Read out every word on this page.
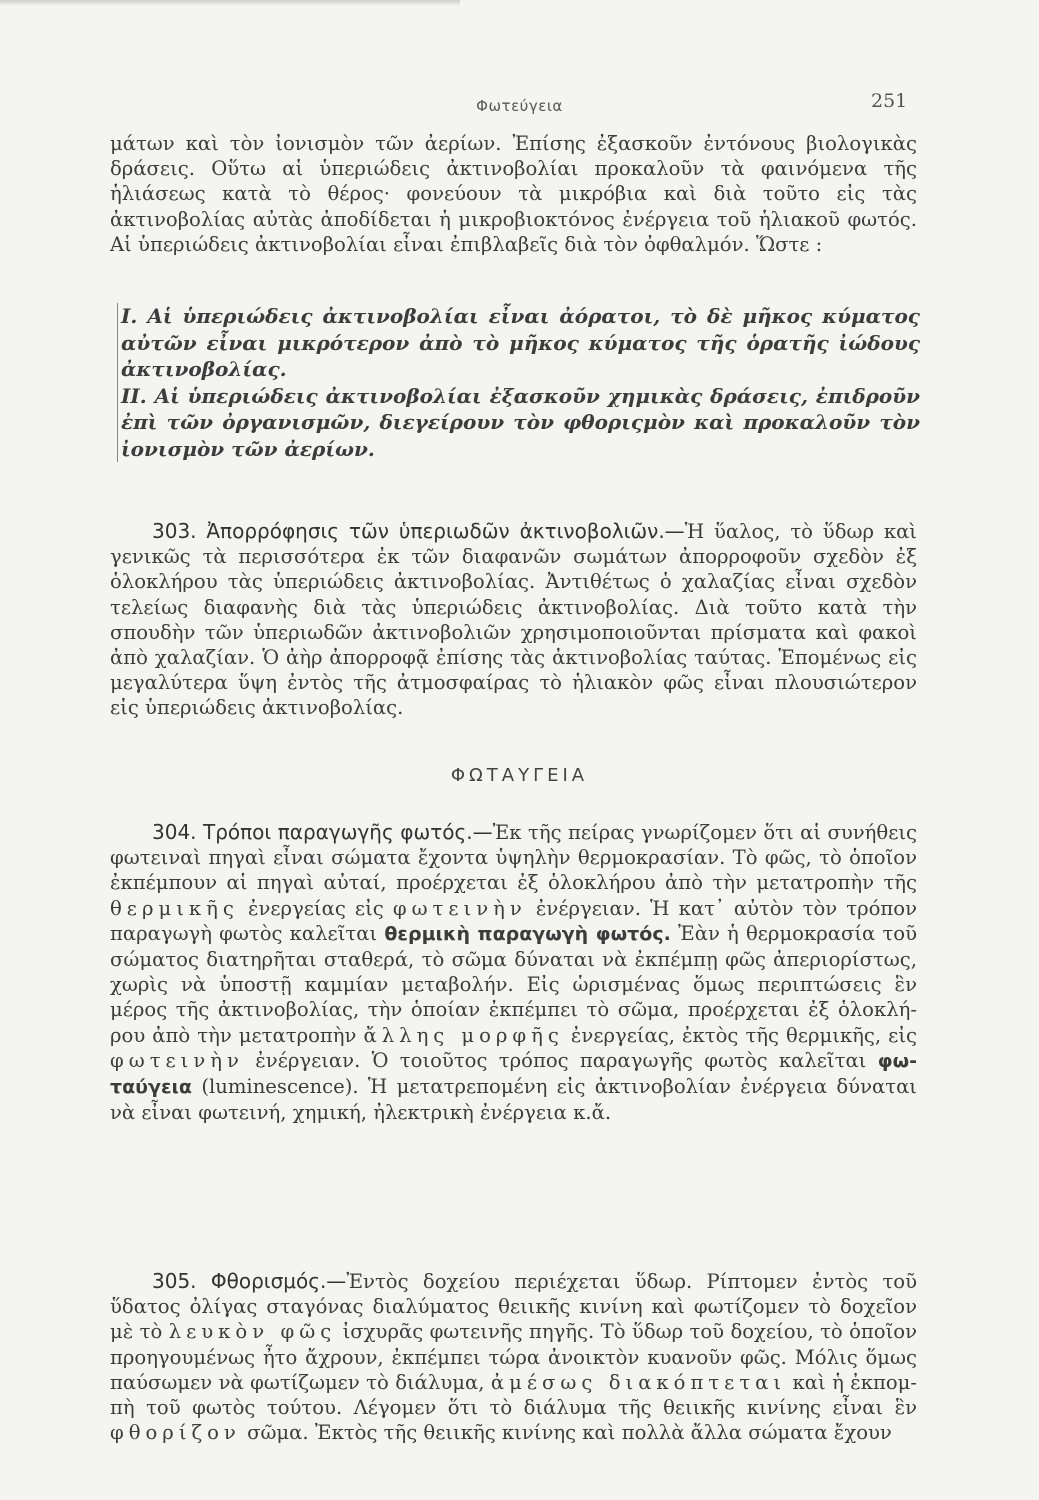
Φωτεύγεια	251

μάτων καὶ τὸν ἰονισμὸν τῶν ἀερίων. Ἐπίσης ἐξασκοῦν ἐντόνους βιολογικὰς δράσεις. Οὕτω αἱ ὑπεριώδεις ἀκτινοβολίαι προκαλοῦν τὰ φαινόμενα τῆς ἡλιάσεως κατὰ τὸ θέρος· φονεύουν τὰ μικρόβια καὶ διὰ τοῦτο εἰς τὰς ἀκτινοβολίας αὐτὰς ἀποδίδεται ἡ μικροβιοκτόνος ἐνέργεια τοῦ ἡλιακοῦ φωτός. Αἱ ὑπεριώδεις ἀκτινοβολίαι εἶναι ἐπιβλαβεῖς διὰ τὸν ὀφθαλμόν. Ὥστε :

I. Αἱ ὑπεριώδεις ἀκτινοβολίαι εἶναι ἀόρατοι, τὸ δὲ μῆκος κύματος αὐτῶν εἶναι μικρότερον ἀπὸ τὸ μῆκος κύματος τῆς ὁρατῆς ἰώδους ἀκτινοβολίας.

II. Αἱ ὑπεριώδεις ἀκτινοβολίαι ἐξασκοῦν χημικὰς δράσεις, ἐπιδροῦν ἐπὶ τῶν ὀργανισμῶν, διεγείρουν τὸν φθοριςμὸν καὶ προκαλοῦν τὸν ἰονισμὸν τῶν ἀερίων.

303. Ἀπορρόφησις τῶν ὑπεριωδῶν ἀκτινοβολιῶν.—Ἡ ὕαλος, τὸ ὕδωρ καὶ γενικῶς τὰ περισσότερα ἐκ τῶν διαφανῶν σωμάτων ἀπορροφοῦν σχεδὸν ἐξ ὁλοκλήρου τὰς ὑπεριώδεις ἀκτινοβολίας. Ἀντιθέτως ὁ χαλαζίας εἶναι σχεδὸν τελείως διαφανὴς διὰ τὰς ὑπεριώδεις ἀκτινοβολίας. Διὰ τοῦτο κατὰ τὴν σπουδὴν τῶν ὑπεριωδῶν ἀκτινοβολιῶν χρησιμοποιοῦνται πρίσματα καὶ φακοὶ ἀπὸ χαλαζίαν. Ὁ ἀὴρ ἀπορροφᾷ ἐπίσης τὰς ἀκτινοβολίας ταύτας. Ἑπομένως εἰς μεγαλύτερα ὕψη ἐντὸς τῆς ἀτμοσφαίρας τὸ ἡλιακὸν φῶς εἶναι πλουσιώτερον εἰς ὑπεριώδεις ἀκτινοβολίας.

ΦΩΤΑΥΓΕΙΑ

304. Τρόποι παραγωγῆς φωτός.—Ἐκ τῆς πείρας γνωρίζομεν ὅτι αἱ συνήθεις φωτειναὶ πηγαὶ εἶναι σώματα ἔχοντα ὑψηλὴν θερμοκρασίαν. Τὸ φῶς, τὸ ὁποῖον ἐκπέμπουν αἱ πηγαὶ αὐταί, προέρχεται ἐξ ὁλοκλήρου ἀπὸ τὴν μετατροπὴν τῆς θερμικῆς ἐνεργείας εἰς φωτεινὴν ἐνέργειαν. Ἡ κατ᾽ αὐτὸν τὸν τρόπον παραγωγὴ φωτὸς καλεῖται θερμικὴ παραγωγὴ φωτός. Ἐὰν ἡ θερμοκρασία τοῦ σώματος διατηρῆται σταθερά, τὸ σῶμα δύναται νὰ ἐκπέμπῃ φῶς ἀπεριορίστως, χωρὶς νὰ ὑποστῇ καμμίαν μεταβολήν. Εἰς ὡρισμένας ὅμως περιπτώσεις ἓν μέρος τῆς ἀκτινοβολίας, τὴν ὁποίαν ἐκπέμπει τὸ σῶμα, προέρχεται ἐξ ὁλοκλήρου ἀπὸ τὴν μετατροπὴν ἄλλης μορφῆς ἐνεργείας, ἐκτὸς τῆς θερμικῆς, εἰς φωτεινὴν ἐνέργειαν. Ὁ τοιοῦτος τρόπος παραγωγῆς φωτὸς καλεῖται φωταύγεια (luminescence). Ἡ μετατρεπομένη εἰς ἀκτινοβολίαν ἐνέργεια δύναται νὰ εἶναι φωτεινή, χημική, ἠλεκτρικὴ ἐνέργεια κ.ἄ.

305. Φθορισμός.—Ἐντὸς δοχείου περιέχεται ὕδωρ. Ρίπτομεν ἐντὸς τοῦ ὕδατος ὀλίγας σταγόνας διαλύματος θειικῆς κινίνη καὶ φωτίζομεν τὸ δοχεῖον μὲ τὸ λευκὸν φῶς ἰσχυρᾶς φωτεινῆς πηγῆς. Τὸ ὕδωρ τοῦ δοχείου, τὸ ὁποῖον προηγουμένως ἦτο ἄχρουν, ἐκπέμπει τώρα ἀνοικτὸν κυανοῦν φῶς. Μόλις ὅμως παύσωμεν νὰ φωτίζωμεν τὸ διάλυμα, ἀμέσως διακόπτεται καὶ ἡ ἐκπομπὴ τοῦ φωτὸς τούτου. Λέγομεν ὅτι τὸ διάλυμα τῆς θειικῆς κινίνης εἶναι ἓν φθορίζον σῶμα. Ἐκτὸς τῆς θειικῆς κινίνης καὶ πολλὰ ἄλλα σώματα ἔχουν
